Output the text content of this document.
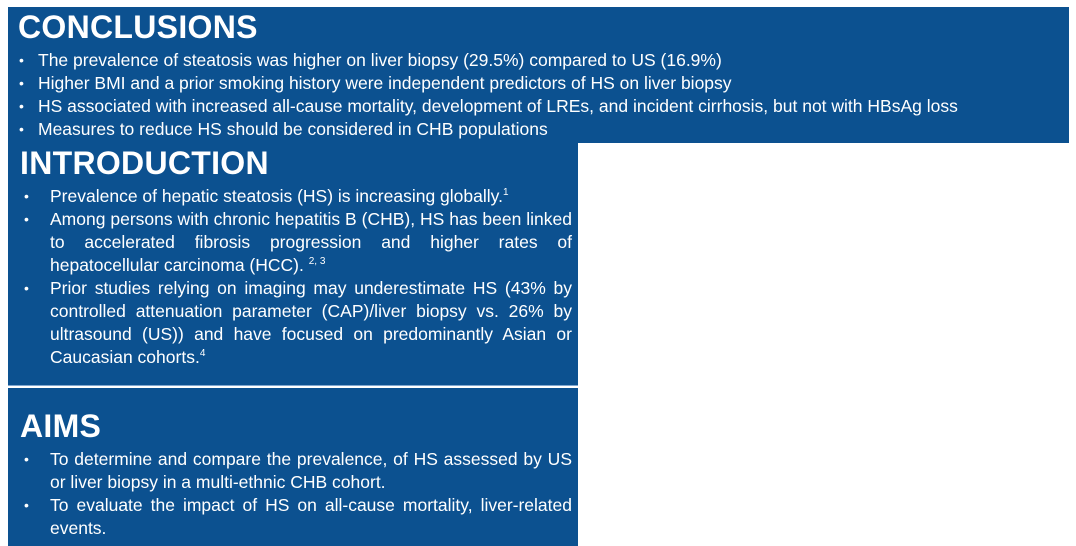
CONCLUSIONS
• The prevalence of steatosis was higher on liver biopsy (29.5%) compared to US (16.9%)
• Higher BMI and a prior smoking history were independent predictors of HS on liver biopsy
• HS associated with increased all-cause mortality, development of LREs, and incident cirrhosis, but not with HBsAg loss
• Measures to reduce HS should be considered in CHB populations
INTRODUCTION
• Prevalence of hepatic steatosis (HS) is increasing globally.$^1$
• Among persons with chronic hepatitis B (CHB), HS has been linked to accelerated fibrosis progression and higher rates of hepatocellular carcinoma (HCC). $^{2, 3}$
• Prior studies relying on imaging may underestimate HS (43% by controlled attenuation parameter (CAP)/liver biopsy vs. 26% by ultrasound (US)) and have focused on predominantly Asian or Caucasian cohorts.$^4$
AIMS
• To determine and compare the prevalence, of HS assessed by US or liver biopsy in a multi-ethnic CHB cohort.
• To evaluate the impact of HS on all-cause mortality, liver-related events.
